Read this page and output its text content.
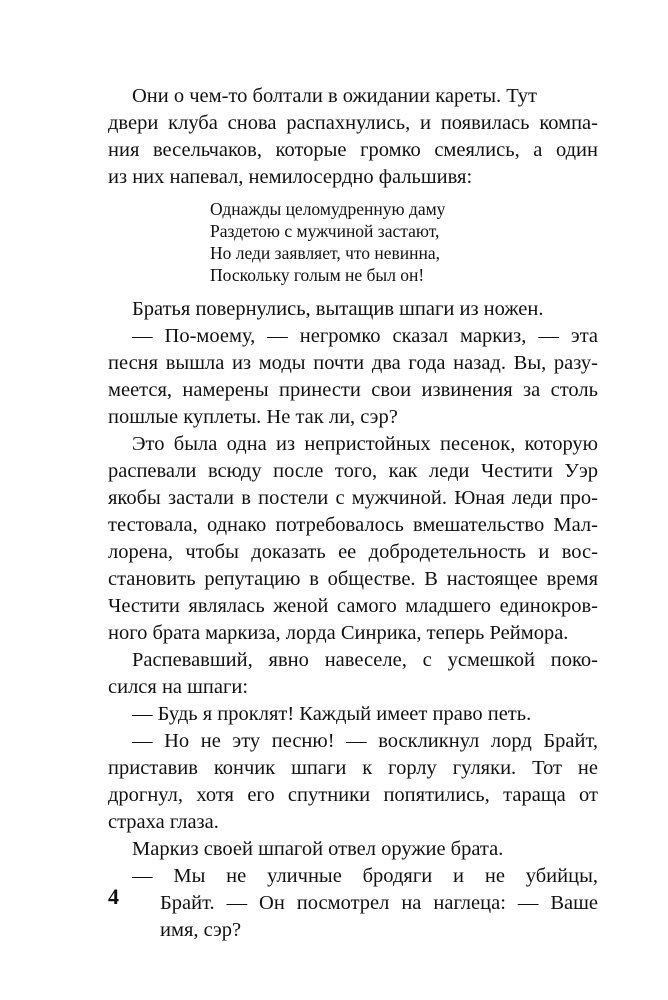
Они о чем-то болтали в ожидании кареты. Тут
двери клуба снова распахнулись, и появилась компа-
ния весельчаков, которые громко смеялись, а один
из них напевал, немилосердно фальшивя:
Однажды целомудренную даму
Раздетою с мужчиной застают,
Но леди заявляет, что невинна,
Поскольку голым не был он!
Братья повернулись, вытащив шпаги из ножен.
— По-моему, — негромко сказал маркиз, — эта
песня вышла из моды почти два года назад. Вы, разу-
меется, намерены принести свои извинения за столь
пошлые куплеты. Не так ли, сэр?
Это была одна из непристойных песенок, которую
распевали всюду после того, как леди Честити Уэр
якобы застали в постели с мужчиной. Юная леди про-
тестовала, однако потребовалось вмешательство Мал-
лорена, чтобы доказать ее добродетельность и вос-
становить репутацию в обществе. В настоящее время
Честити являлась женой самого младшего единокров-
ного брата маркиза, лорда Синрика, теперь Реймора.
Распевавший, явно навеселе, с усмешкой поко-
сился на шпаги:
— Будь я проклят! Каждый имеет право петь.
— Но не эту песню! — воскликнул лорд Брайт,
приставив кончик шпаги к горлу гуляки. Тот не
дрогнул, хотя его спутники попятились, тараща от
страха глаза.
Маркиз своей шпагой отвел оружие брата.
— Мы не уличные бродяги и не убийцы,
Брайт. — Он посмотрел на наглеца: — Ваше
имя, сэр?
4
